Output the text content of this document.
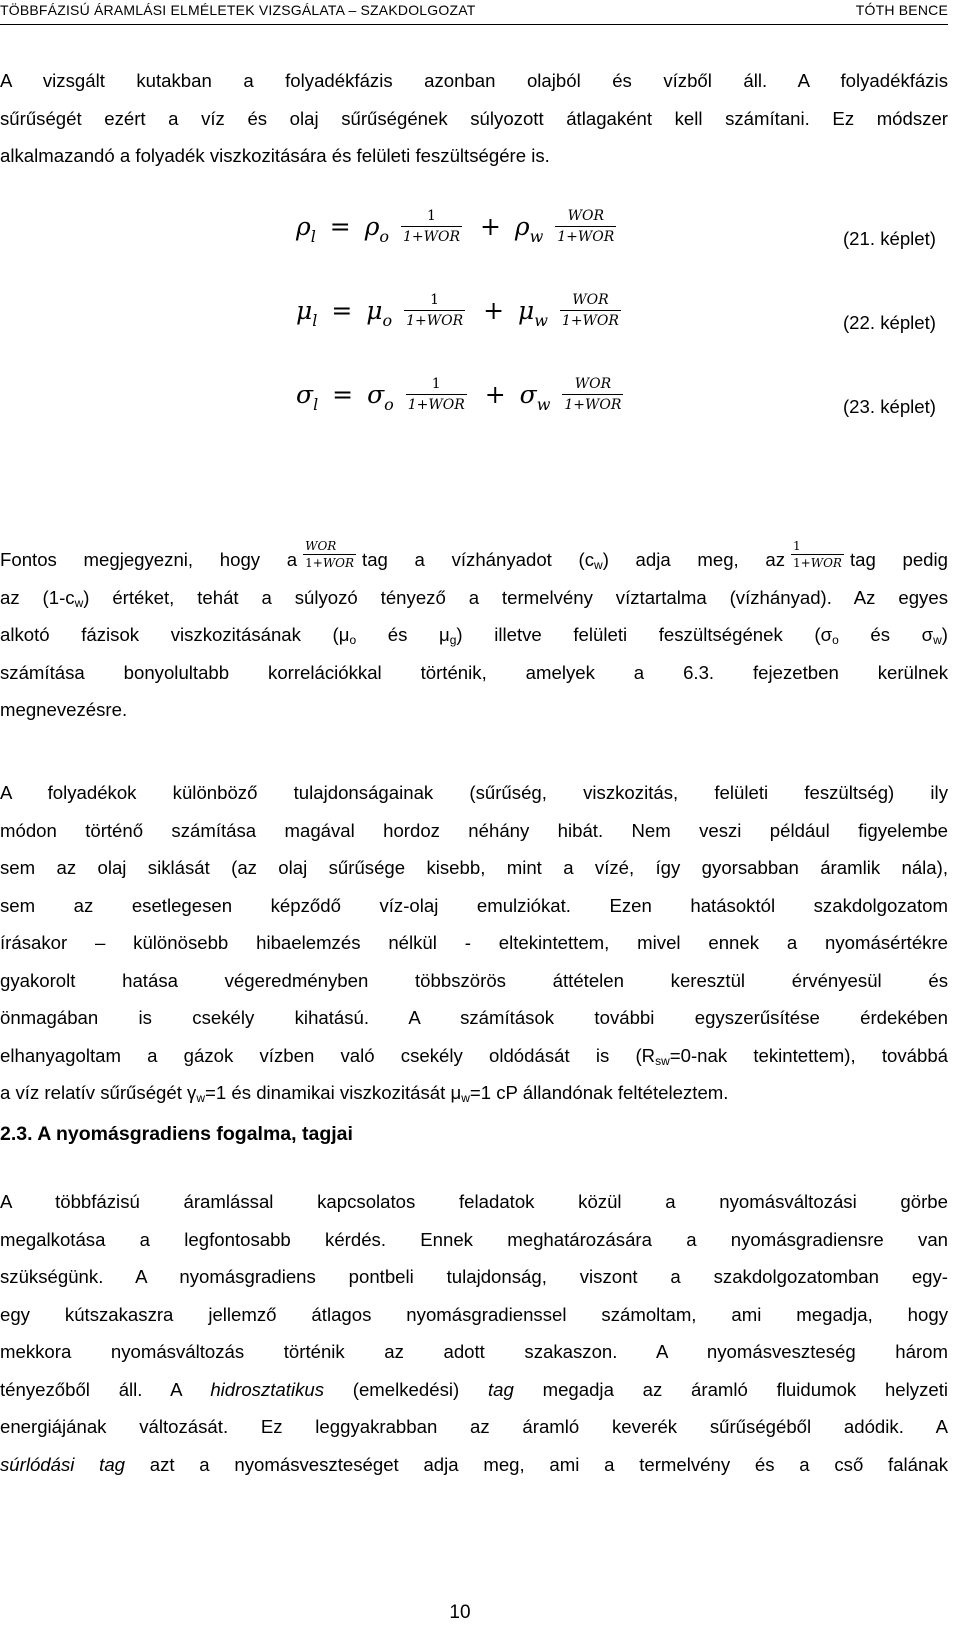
TÖBBFÁZISÚ ÁRAMLÁSI ELMÉLETEK VIZSGÁLATA – SZAKDOLGOZAT	TÓTH BENCE
A vizsgált kutakban a folyadékfázis azonban olajból és vízből áll. A folyadékfázis
sűrűségét ezért a víz és olaj sűrűségének súlyozott átlagaként kell számítani. Ez módszer
alkalmazandó a folyadék viszkozitására és felületi feszültségére is.
$\rho_l = \rho_o \frac{1}{\text{1+WOR}} + \rho_w \frac{\text{WOR}}{\text{1+WOR}}$	(21. képlet)
$\mu_l = \mu_o \frac{1}{\text{1+WOR}} + \mu_w \frac{\text{WOR}}{\text{1+WOR}}$	(22. képlet)
$\sigma_l = \sigma_o \frac{1}{\text{1+WOR}} + \sigma_w \frac{\text{WOR}}{\text{1+WOR}}$	(23. képlet)
Fontos megjegyezni, hogy a $\frac{\text{WOR}}{\text{1+WOR}}$ tag a vízhányadot $(c_w)$ adja meg, az $\frac{1}{\text{1+WOR}}$ tag pedig
az $(1-c_w)$ értéket, tehát a súlyozó tényező a termelvény víztartalma (vízhányad). Az egyes
alkotó fázisok viszkozitásának ($\mu_o$ és $\mu_g$) illetve felületi feszültségének ($\sigma_o$ és $\sigma_w$)
számítása bonyolultabb korrelációkkal történik, amelyek a 6.3. fejezetben kerülnek
megnevezésre.
A folyadékok különböző tulajdonságainak (sűrűség, viszkozitás, felületi feszültség) ily
módon történő számítása magával hordoz néhány hibát. Nem veszi például figyelembe
sem az olaj siklását (az olaj sűrűsége kisebb, mint a vízé, így gyorsabban áramlik nála),
sem az esetlegesen képződő víz-olaj emulziókat. Ezen hatásoktól szakdolgozatom
írásakor – különösebb hibaelemzés nélkül - eltekintettem, mivel ennek a nyomásértékre
gyakorolt hatása végeredményben többszörös áttételen keresztül érvényesül és
önmagában is csekély kihatású. A számítások további egyszerűsítése érdekében
elhanyagoltam a gázok vízben való csekély oldódását is ($R_{sw}=0$-nak tekintettem), továbbá
a víz relatív sűrűségét $\gamma_w=1$ és dinamikai viszkozitását $\mu_w=1$ cP állandónak feltételeztem.
2.3. A nyomásgradiens fogalma, tagjai
A többfázisú áramlással kapcsolatos feladatok közül a nyomásváltozási görbe
megalkotása a legfontosabb kérdés. Ennek meghatározására a nyomásgradiensre van
szükségünk. A nyomásgradiens pontbeli tulajdonság, viszont a szakdolgozatomban egy-
egy kútszakaszra jellemző átlagos nyomásgradienssel számoltam, ami megadja, hogy
mekkora nyomásváltozás történik az adott szakaszon. A nyomásveszteség három
tényezőből áll. A hidrosztatikus (emelkedési) tag megadja az áramló fluidumok helyzeti
energiájának változását. Ez leggyakrabban az áramló keverék sűrűségéből adódik. A
súrlódási tag azt a nyomásveszteséget adja meg, ami a termelvény és a cső falának
10
